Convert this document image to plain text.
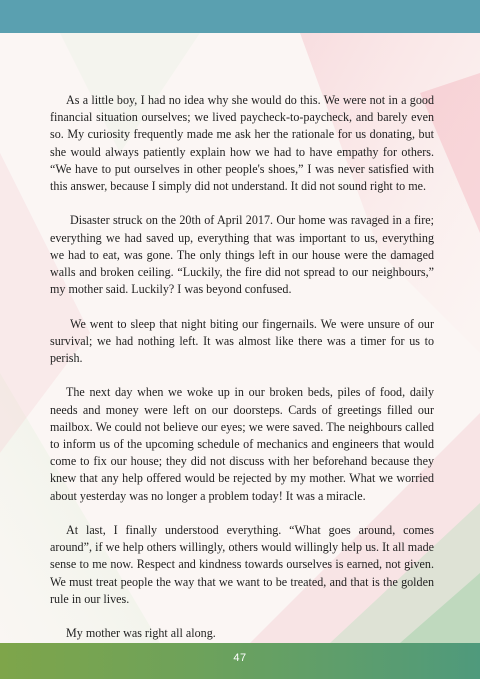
As a little boy, I had no idea why she would do this. We were not in a good financial situation ourselves; we lived paycheck-to-paycheck, and barely even so. My curiosity frequently made me ask her the rationale for us donating, but she would always patiently explain how we had to have empathy for others. “We have to put ourselves in other people's shoes,” I was never satisfied with this answer, because I simply did not understand. It did not sound right to me.

Disaster struck on the 20th of April 2017. Our home was ravaged in a fire; everything we had saved up, everything that was important to us, everything we had to eat, was gone. The only things left in our house were the damaged walls and broken ceiling. “Luckily, the fire did not spread to our neighbours,” my mother said. Luckily? I was beyond confused.

We went to sleep that night biting our fingernails. We were unsure of our survival; we had nothing left. It was almost like there was a timer for us to perish.

The next day when we woke up in our broken beds, piles of food, daily needs and money were left on our doorsteps. Cards of greetings filled our mailbox. We could not believe our eyes; we were saved. The neighbours called to inform us of the upcoming schedule of mechanics and engineers that would come to fix our house; they did not discuss with her beforehand because they knew that any help offered would be rejected by my mother. What we worried about yesterday was no longer a problem today! It was a miracle.

At last, I finally understood everything. “What goes around, comes around”, if we help others willingly, others would willingly help us. It all made sense to me now. Respect and kindness towards ourselves is earned, not given. We must treat people the way that we want to be treated, and that is the golden rule in our lives.

My mother was right all along.

47
